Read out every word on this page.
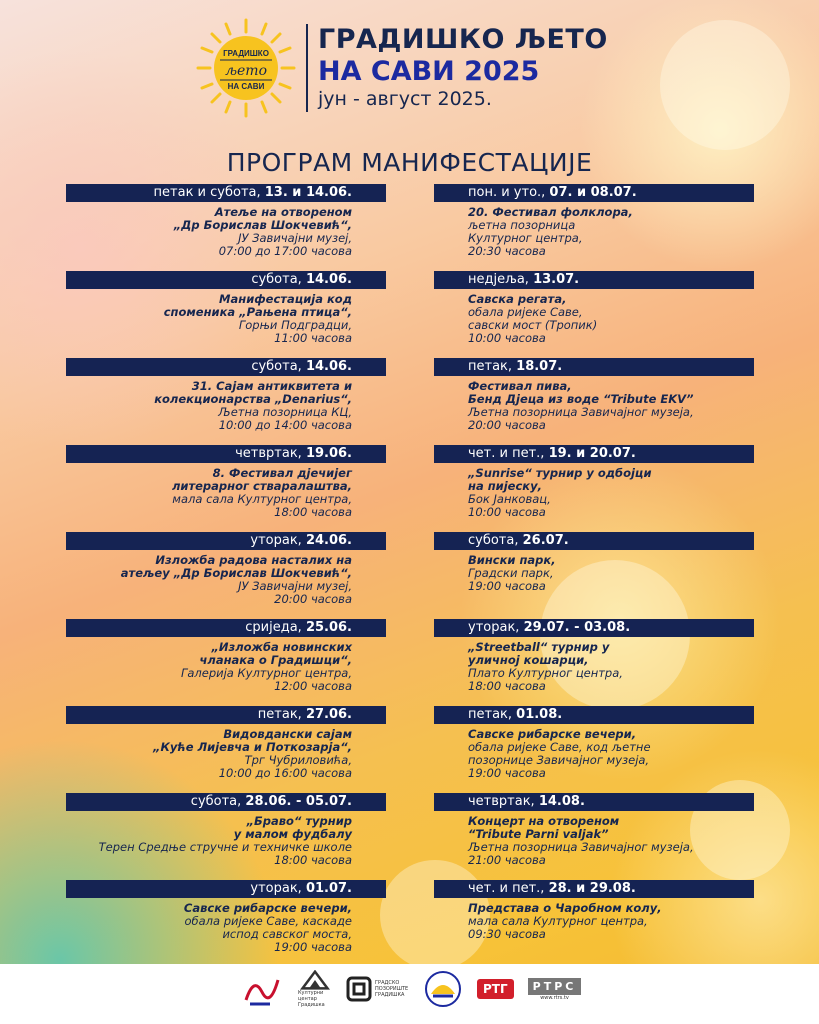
ГРАДИШКО
љето
НА САВИ
ГРАДИШКО ЉЕТО
НА САВИ 2025
јун - август 2025.
ПРОГРАМ МАНИФЕСТАЦИЈЕ
петак и субота, 13. и 14.06.
Атеље на отвореном
„Др Борислав Шокчевић“,
ЈУ Завичајни музеј,
07:00 до 17:00 часова
субота, 14.06.
Манифестација код
споменика „Рањена птица“,
Горњи Подградци,
11:00 часова
субота, 14.06.
31. Сајам антиквитета и
колекционарства „Denarius“,
Љетна позорница КЦ,
10:00 до 14:00 часова
четвртак, 19.06.
8. Фестивал дјечијег
литерарног стваралаштва,
мала сала Културног центра,
18:00 часова
уторак, 24.06.
Изложба радова насталих на
атељеу „Др Борислав Шокчевић“,
ЈУ Завичајни музеј,
20:00 часова
сриједа, 25.06.
„Изложба новинских
чланака о Градишци“,
Галерија Културног центра,
12:00 часова
петак, 27.06.
Видовдански сајам
„Куће Лијевча и Поткозарја“,
Трг Чубриловића,
10:00 до 16:00 часова
субота, 28.06. - 05.07.
„Браво“ турнир
у малом фудбалу
Терен Средње стручне и техничке школе
18:00 часова
уторак, 01.07.
Савске рибарске вечери,
обала ријеке Саве, каскаде
испод савског моста,
19:00 часова
пон. и уто., 07. и 08.07.
20. Фестивал фолклора,
љетна позорница
Културног центра,
20:30 часова
недјеља, 13.07.
Савска регата,
обала ријеке Саве,
савски мост (Тропик)
10:00 часова
петак, 18.07.
Фестивал пива,
Бенд Дјеца из воде “Tribute EKV”
Љетна позорница Завичајног музеја,
20:00 часова
чет. и пет., 19. и 20.07.
„Sunrise“ турнир у одбојци
на пијеску,
Бок Јанковац,
10:00 часова
субота, 26.07.
Вински парк,
Градски парк,
19:00 часова
уторак, 29.07. - 03.08.
„Streetball“ турнир у
уличној кошарци,
Плато Културног центра,
18:00 часова
петак, 01.08.
Савске рибарске вечери,
обала ријеке Саве, код љетне
позорнице Завичајног музеја,
19:00 часова
четвртак, 14.08.
Концерт на отвореном
“Tribute Parni valjak”
Љетна позорница Завичајног музеја,
21:00 часова
чет. и пет., 28. и 29.08.
Представа о Чаробном колу,
мала сала Културног центра,
09:30 часова
Културни центар Градишка
ГРАДСКО ПОЗОРИШТЕ ГРАДИШКА	РТГ	РТРС
www.rtrs.tv
